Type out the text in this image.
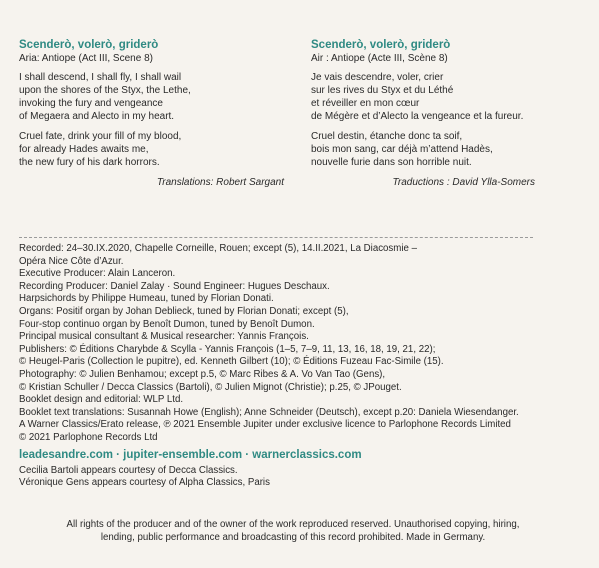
Scenderò, volerò, griderò
Aria: Antiope (Act III, Scene 8)
I shall descend, I shall fly, I shall wail
upon the shores of the Styx, the Lethe,
invoking the fury and vengeance
of Megaera and Alecto in my heart.
Cruel fate, drink your fill of my blood,
for already Hades awaits me,
the new fury of his dark horrors.
Translations: Robert Sargant
Scenderò, volerò, griderò
Air : Antiope (Acte III, Scène 8)
Je vais descendre, voler, crier
sur les rives du Styx et du Léthé
et réveiller en mon cœur
de Mégère et d’Alecto la vengeance et la fureur.
Cruel destin, étanche donc ta soif,
bois mon sang, car déjà m’attend Hadès,
nouvelle furie dans son horrible nuit.
Traductions : David Ylla-Somers
Recorded: 24–30.IX.2020, Chapelle Corneille, Rouen; except (5), 14.II.2021, La Diacosmie –
Opéra Nice Côte d’Azur.
Executive Producer: Alain Lanceron.
Recording Producer: Daniel Zalay · Sound Engineer: Hugues Deschaux.
Harpsichords by Philippe Humeau, tuned by Florian Donati.
Organs: Positif organ by Johan Deblieck, tuned by Florian Donati; except (5),
Four-stop continuo organ by Benoît Dumon, tuned by Benoît Dumon.
Principal musical consultant & Musical researcher: Yannis François.
Publishers: © Éditions Charybde & Scylla - Yannis François (1–5, 7–9, 11, 13, 16, 18, 19, 21, 22);
© Heugel-Paris (Collection le pupitre), ed. Kenneth Gilbert (10); © Éditions Fuzeau Fac-Simile (15).
Photography: © Julien Benhamou; except p.5, © Marc Ribes & A. Vo Van Tao (Gens),
© Kristian Schuller / Decca Classics (Bartoli), © Julien Mignot (Christie); p.25, © JPouget.
Booklet design and editorial: WLP Ltd.
Booklet text translations: Susannah Howe (English); Anne Schneider (Deutsch), except p.20: Daniela Wiesendanger.
A Warner Classics/Erato release, ℗ 2021 Ensemble Jupiter under exclusive licence to Parlophone Records Limited
© 2021 Parlophone Records Ltd
leadesandre.com · jupiter-ensemble.com · warnerclassics.com
Cecilia Bartoli appears courtesy of Decca Classics.
Véronique Gens appears courtesy of Alpha Classics, Paris
All rights of the producer and of the owner of the work reproduced reserved. Unauthorised copying, hiring,
lending, public performance and broadcasting of this record prohibited. Made in Germany.
